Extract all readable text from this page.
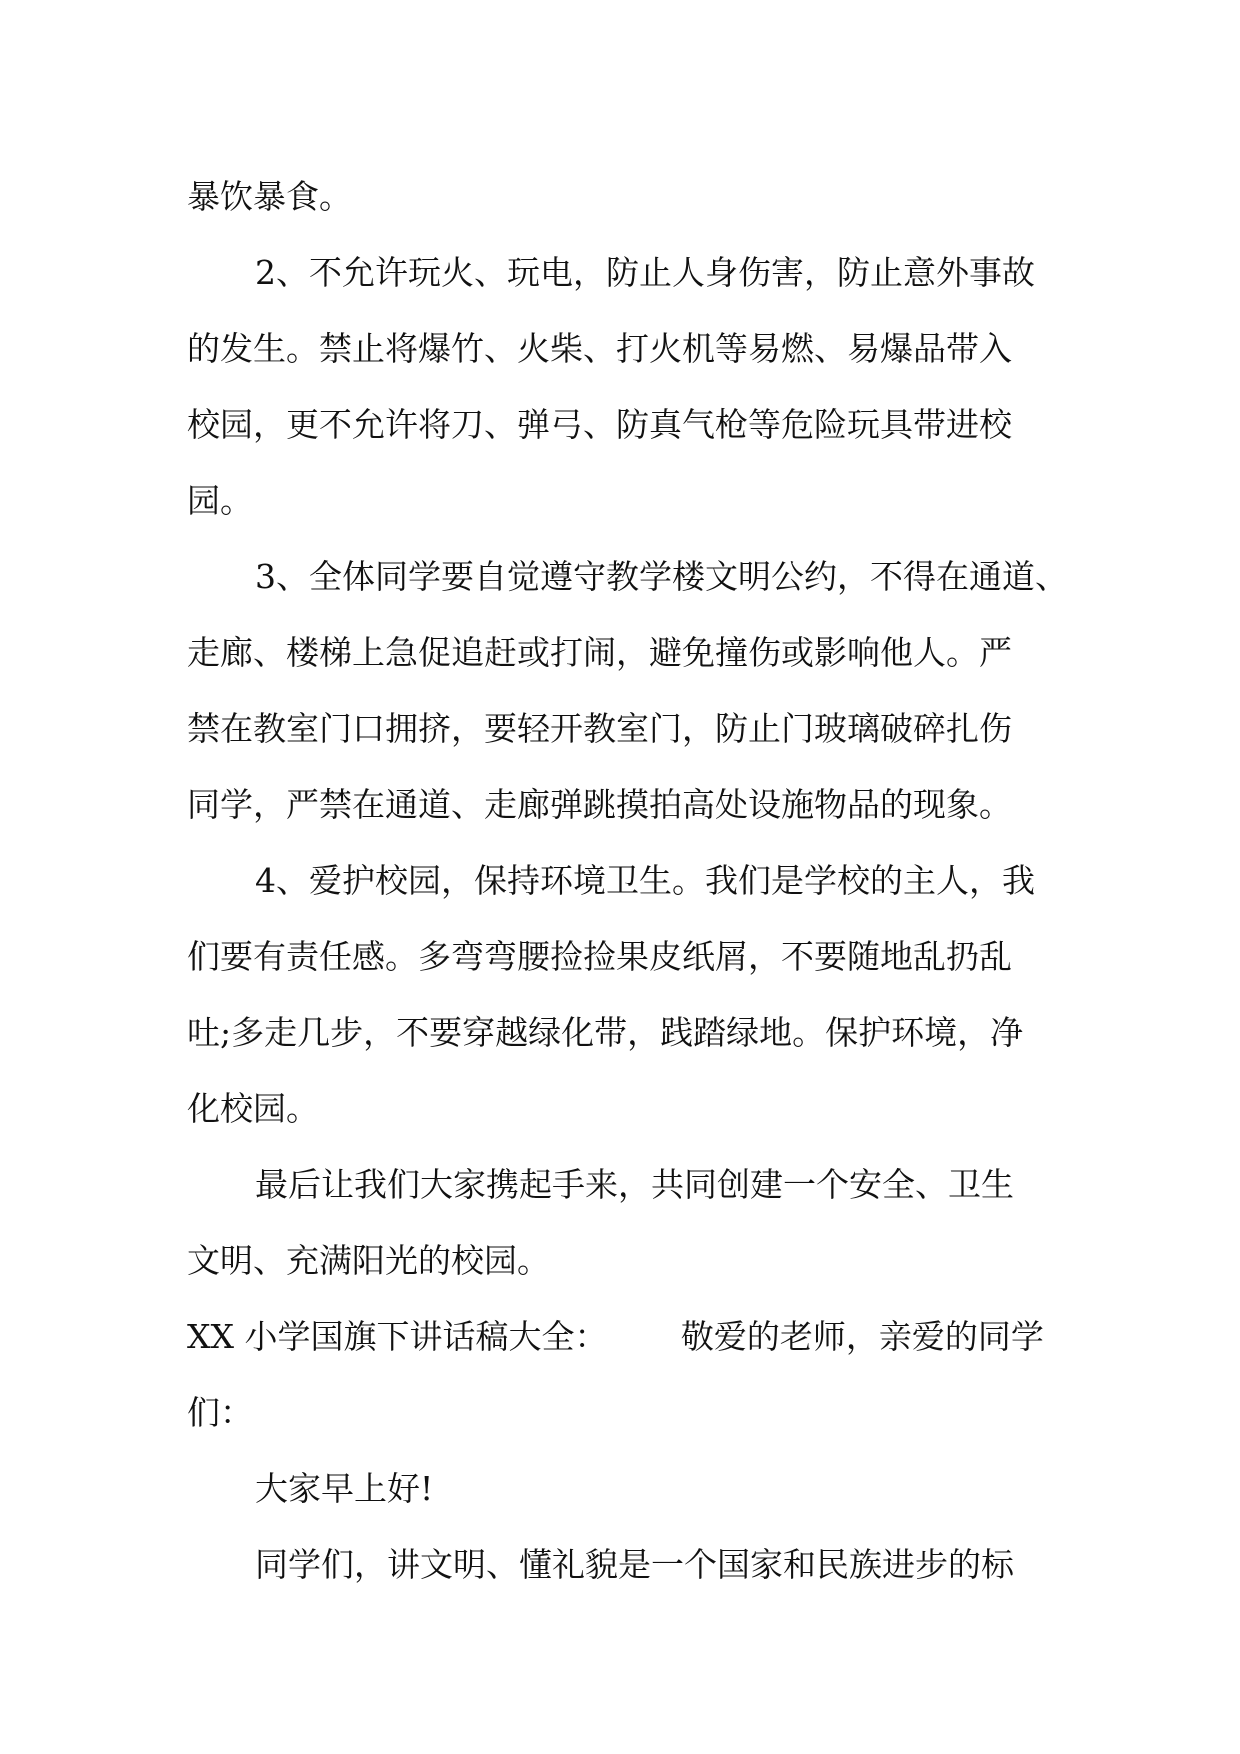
暴饮暴食。
2、不允许玩火、玩电，防止人身伤害，防止意外事故
的发生。禁止将爆竹、火柴、打火机等易燃、易爆品带入
校园，更不允许将刀、弹弓、防真气枪等危险玩具带进校
园。
3、全体同学要自觉遵守教学楼文明公约，不得在通道、
走廊、楼梯上急促追赶或打闹，避免撞伤或影响他人。严
禁在教室门口拥挤，要轻开教室门，防止门玻璃破碎扎伤
同学，严禁在通道、走廊弹跳摸拍高处设施物品的现象。
4、爱护校园，保持环境卫生。我们是学校的主人，我
们要有责任感。多弯弯腰捡捡果皮纸屑，不要随地乱扔乱
吐;多走几步，不要穿越绿化带，践踏绿地。保护环境，净
化校园。
最后让我们大家携起手来，共同创建一个安全、卫生
文明、充满阳光的校园。
XX 小学国旗下讲话稿大全：       敬爱的老师，亲爱的同学
们：
大家早上好!
同学们，讲文明、懂礼貌是一个国家和民族进步的标
